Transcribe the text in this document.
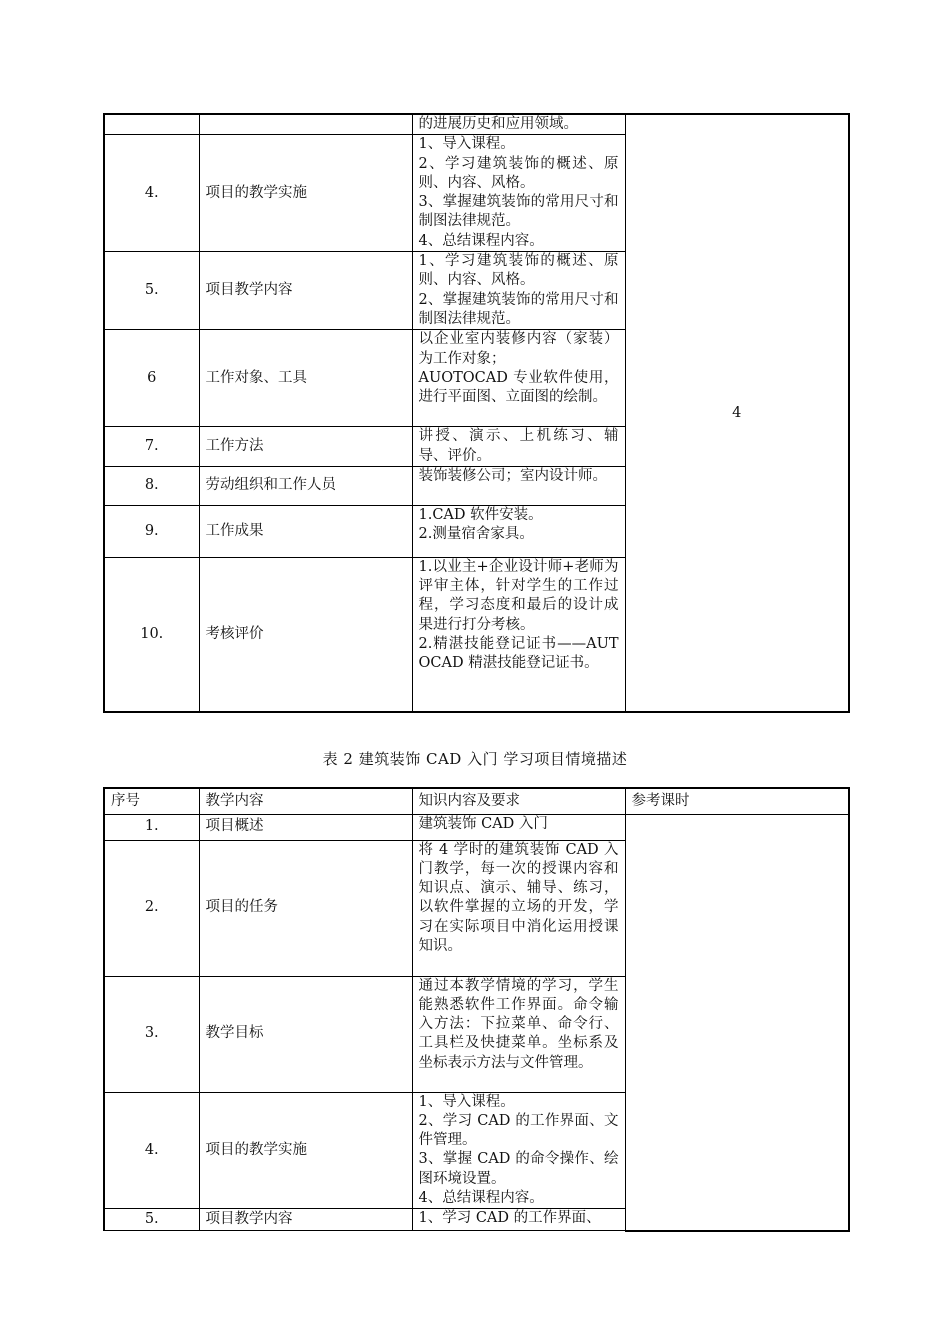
		的进展历史和应用领域。	4
4.	项目的教学实施	1、导入课程。
2、学习建筑装饰的概述、原则、内容、风格。
3、掌握建筑装饰的常用尺寸和制图法律规范。
4、总结课程内容。	
5.	项目教学内容	1、学习建筑装饰的概述、原则、内容、风格。
2、掌握建筑装饰的常用尺寸和制图法律规范。	
6	工作对象、工具	以企业室内装修内容（家装）为工作对象；
AUOTOCAD 专业软件使用，进行平面图、立面图的绘制。	
7.	工作方法	讲授、演示、上机练习、辅导、评价。	
8.	劳动组织和工作人员	装饰装修公司；室内设计师。	
9.	工作成果	1.CAD 软件安装。
2.测量宿舍家具。	
10.	考核评价	1.以业主+企业设计师+老师为评审主体，针对学生的工作过程，学习态度和最后的设计成果进行打分考核。
2.精湛技能登记证书——AUTOCAD 精湛技能登记证书。	
表 2 建筑装饰 CAD 入门 学习项目情境描述
序号	教学内容	知识内容及要求	参考课时
1.	项目概述	建筑装饰 CAD 入门	
2.	项目的任务	将 4 学时的建筑装饰 CAD 入门教学，每一次的授课内容和知识点、演示、辅导、练习，以软件掌握的立场的开发，学习在实际项目中消化运用授课知识。	
3.	教学目标	通过本教学情境的学习，学生能熟悉软件工作界面。命令输入方法：下拉菜单、命令行、工具栏及快捷菜单。坐标系及坐标表示方法与文件管理。	
4.	项目的教学实施	1、导入课程。
2、学习 CAD 的工作界面、文件管理。
3、掌握 CAD 的命令操作、绘图环境设置。
4、总结课程内容。	
5.	项目教学内容	1、学习 CAD 的工作界面、	
